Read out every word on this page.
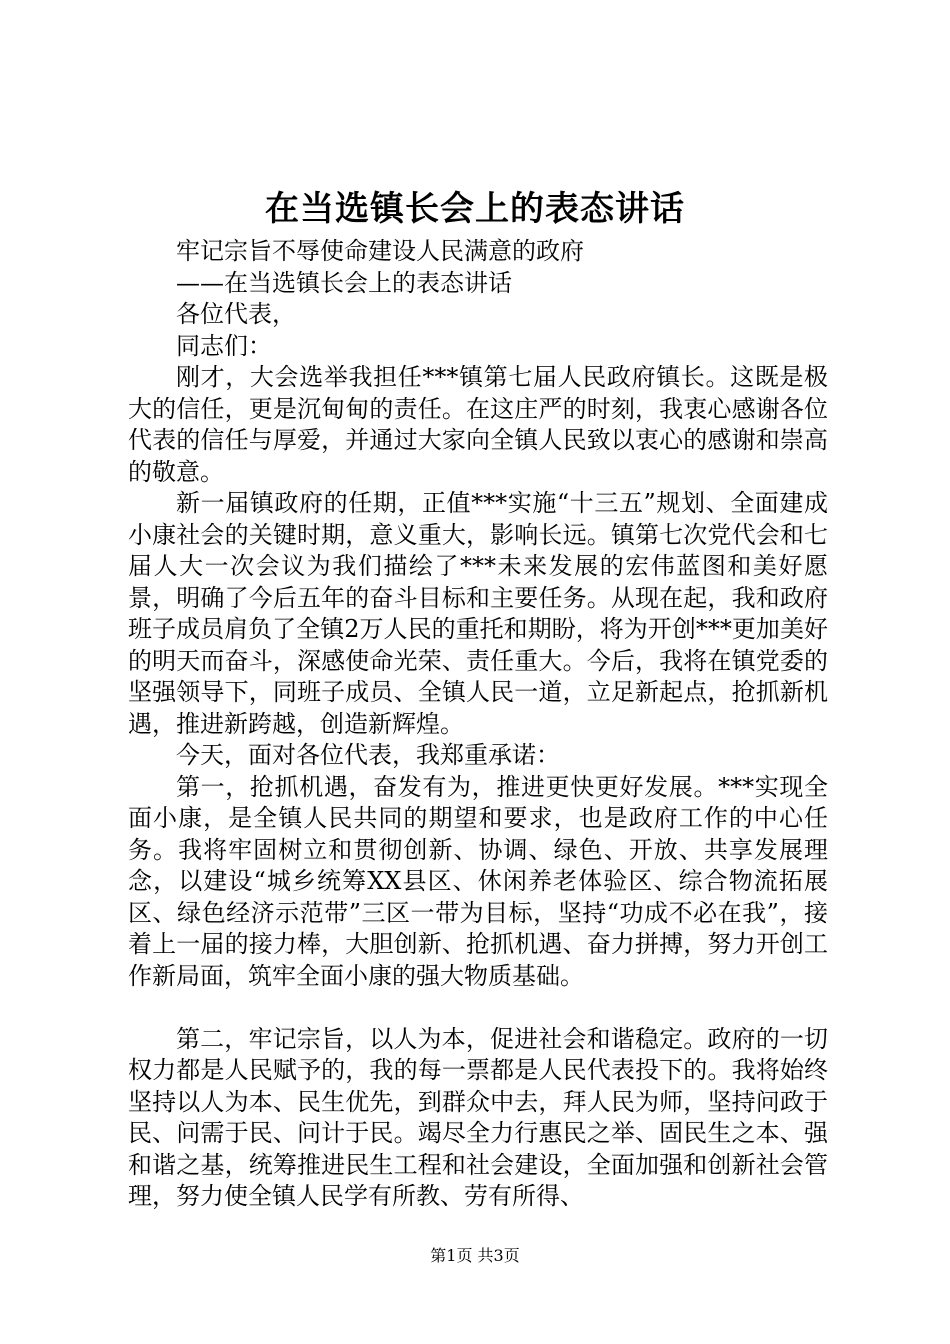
在当选镇长会上的表态讲话

牢记宗旨不辱使命建设人民满意的政府

——在当选镇长会上的表态讲话

各位代表，

同志们：

刚才，大会选举我担任***镇第七届人民政府镇长。这既是极大的信任，更是沉甸甸的责任。在这庄严的时刻，我衷心感谢各位代表的信任与厚爱，并通过大家向全镇人民致以衷心的感谢和崇高的敬意。

新一届镇政府的任期，正值***实施“十三五”规划、全面建成小康社会的关键时期，意义重大，影响长远。镇第七次党代会和七届人大一次会议为我们描绘了***未来发展的宏伟蓝图和美好愿景，明确了今后五年的奋斗目标和主要任务。从现在起，我和政府班子成员肩负了全镇2万人民的重托和期盼，将为开创***更加美好的明天而奋斗，深感使命光荣、责任重大。今后，我将在镇党委的坚强领导下，同班子成员、全镇人民一道，立足新起点，抢抓新机遇，推进新跨越，创造新辉煌。

今天，面对各位代表，我郑重承诺：

第一，抢抓机遇，奋发有为，推进更快更好发展。***实现全面小康，是全镇人民共同的期望和要求，也是政府工作的中心任务。我将牢固树立和贯彻创新、协调、绿色、开放、共享发展理念，以建设“城乡统筹XX县区、休闲养老体验区、综合物流拓展区、绿色经济示范带”三区一带为目标，坚持“功成不必在我”，接着上一届的接力棒，大胆创新、抢抓机遇、奋力拼搏，努力开创工作新局面，筑牢全面小康的强大物质基础。

第二，牢记宗旨，以人为本，促进社会和谐稳定。政府的一切权力都是人民赋予的，我的每一票都是人民代表投下的。我将始终坚持以人为本、民生优先，到群众中去，拜人民为师，坚持问政于民、问需于民、问计于民。竭尽全力行惠民之举、固民生之本、强和谐之基，统筹推进民生工程和社会建设，全面加强和创新社会管理，努力使全镇人民学有所教、劳有所得、

第1页 共3页
